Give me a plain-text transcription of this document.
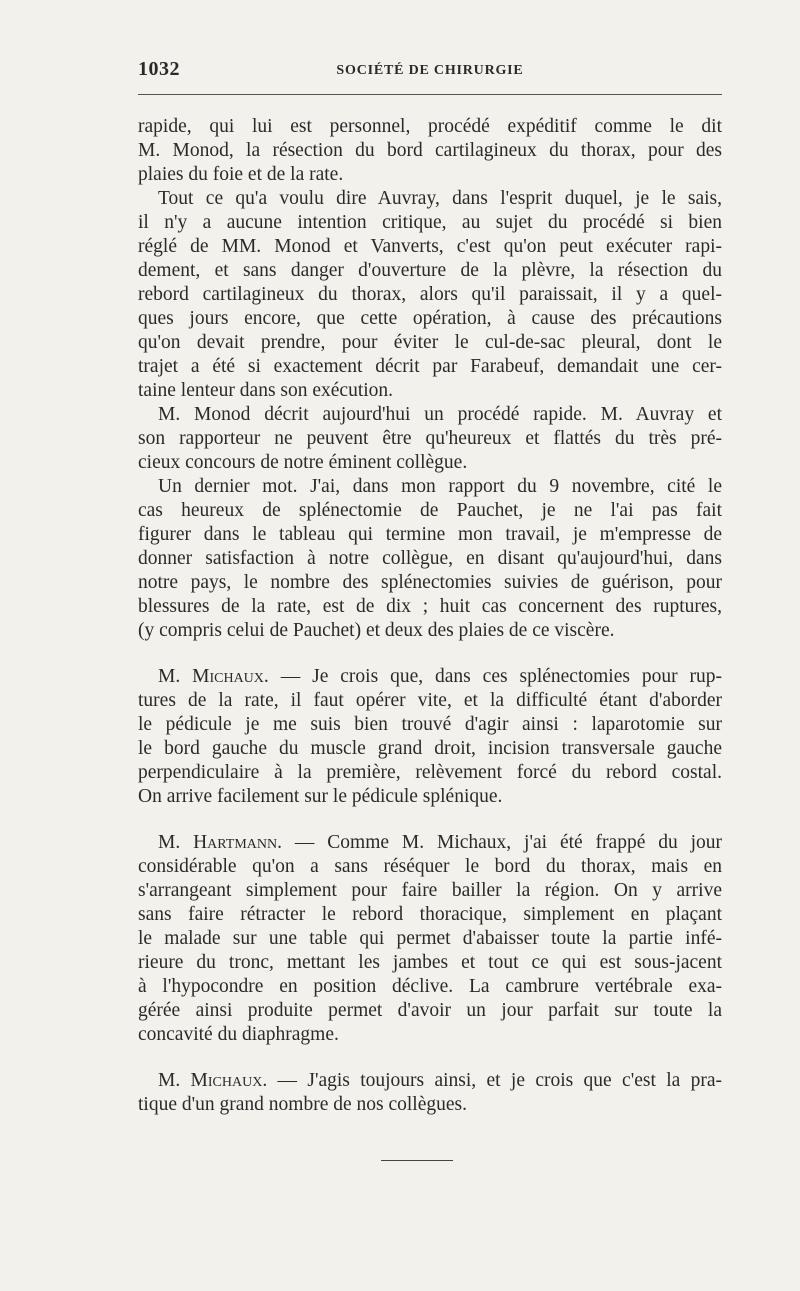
1032	SOCIÉTÉ DE CHIRURGIE
rapide, qui lui est personnel, procédé expéditif comme le dit
M. Monod, la résection du bord cartilagineux du thorax, pour des
plaies du foie et de la rate.
Tout ce qu'a voulu dire Auvray, dans l'esprit duquel, je le sais,
il n'y a aucune intention critique, au sujet du procédé si bien
réglé de MM. Monod et Vanverts, c'est qu'on peut exécuter rapi-
dement, et sans danger d'ouverture de la plèvre, la résection du
rebord cartilagineux du thorax, alors qu'il paraissait, il y a quel-
ques jours encore, que cette opération, à cause des précautions
qu'on devait prendre, pour éviter le cul-de-sac pleural, dont le
trajet a été si exactement décrit par Farabeuf, demandait une cer-
taine lenteur dans son exécution.
M. Monod décrit aujourd'hui un procédé rapide. M. Auvray et
son rapporteur ne peuvent être qu'heureux et flattés du très pré-
cieux concours de notre éminent collègue.
Un dernier mot. J'ai, dans mon rapport du 9 novembre, cité le
cas heureux de splénectomie de Pauchet, je ne l'ai pas fait
figurer dans le tableau qui termine mon travail, je m'empresse de
donner satisfaction à notre collègue, en disant qu'aujourd'hui, dans
notre pays, le nombre des splénectomies suivies de guérison, pour
blessures de la rate, est de dix ; huit cas concernent des ruptures,
(y compris celui de Pauchet) et deux des plaies de ce viscère.
M. Michaux. — Je crois que, dans ces splénectomies pour rup-
tures de la rate, il faut opérer vite, et la difficulté étant d'aborder
le pédicule je me suis bien trouvé d'agir ainsi : laparotomie sur
le bord gauche du muscle grand droit, incision transversale gauche
perpendiculaire à la première, relèvement forcé du rebord costal.
On arrive facilement sur le pédicule splénique.
M. Hartmann. — Comme M. Michaux, j'ai été frappé du jour
considérable qu'on a sans réséquer le bord du thorax, mais en
s'arrangeant simplement pour faire bailler la région. On y arrive
sans faire rétracter le rebord thoracique, simplement en plaçant
le malade sur une table qui permet d'abaisser toute la partie infé-
rieure du tronc, mettant les jambes et tout ce qui est sous-jacent
à l'hypocondre en position déclive. La cambrure vertébrale exa-
gérée ainsi produite permet d'avoir un jour parfait sur toute la
concavité du diaphragme.
M. Michaux. — J'agis toujours ainsi, et je crois que c'est la pra-
tique d'un grand nombre de nos collègues.
